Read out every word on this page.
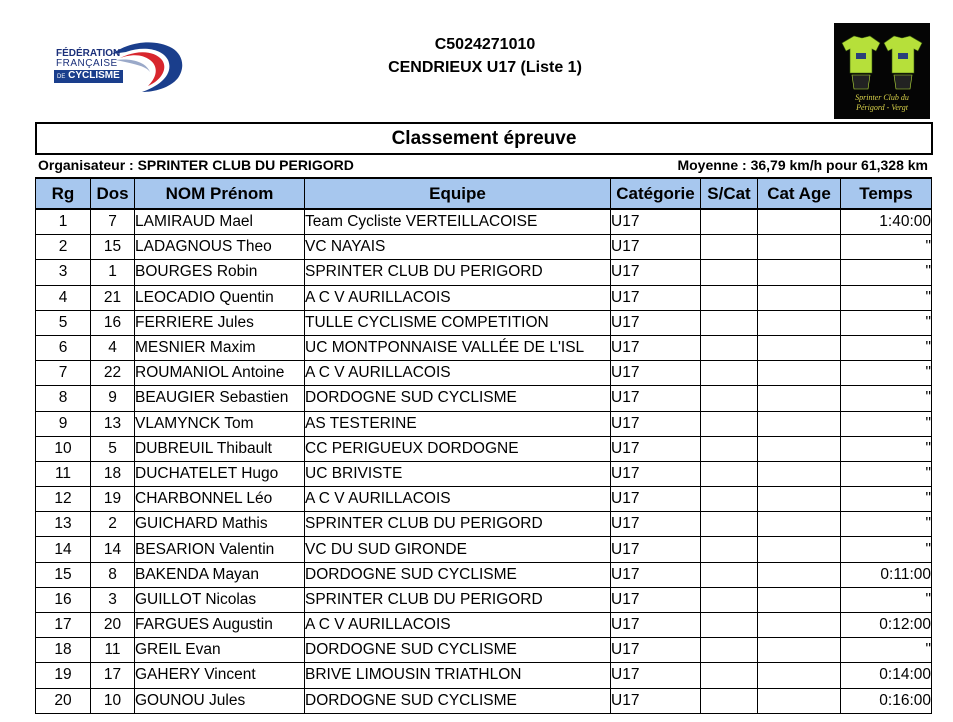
FÉDÉRATION
FRANÇAISE
DE CYCLISME
C5024271010
CENDRIEUX U17 (Liste 1)
Sprinter Club du
Périgord - Vergt
Classement épreuve
Organisateur : SPRINTER CLUB DU PERIGORD	Moyenne : 36,79 km/h pour 61,328 km
Rg	Dos	NOM Prénom	Equipe	Catégorie	S/Cat	Cat Age	Temps
1	7	LAMIRAUD Mael	Team Cycliste VERTEILLACOISE	U17			1:40:00
2	15	LADAGNOUS Theo	VC NAYAIS	U17			"
3	1	BOURGES Robin	SPRINTER CLUB DU PERIGORD	U17			"
4	21	LEOCADIO Quentin	A C V AURILLACOIS	U17			"
5	16	FERRIERE Jules	TULLE CYCLISME COMPETITION	U17			"
6	4	MESNIER Maxim	UC MONTPONNAISE VALLÉE DE L'ISL	U17			"
7	22	ROUMANIOL Antoine	A C V AURILLACOIS	U17			"
8	9	BEAUGIER Sebastien	DORDOGNE SUD CYCLISME	U17			"
9	13	VLAMYNCK Tom	AS TESTERINE	U17			"
10	5	DUBREUIL Thibault	CC PERIGUEUX DORDOGNE	U17			"
11	18	DUCHATELET Hugo	UC BRIVISTE	U17			"
12	19	CHARBONNEL Léo	A C V AURILLACOIS	U17			"
13	2	GUICHARD Mathis	SPRINTER CLUB DU PERIGORD	U17			"
14	14	BESARION Valentin	VC DU SUD GIRONDE	U17			"
15	8	BAKENDA Mayan	DORDOGNE SUD CYCLISME	U17			0:11:00
16	3	GUILLOT Nicolas	SPRINTER CLUB DU PERIGORD	U17			"
17	20	FARGUES Augustin	A C V AURILLACOIS	U17			0:12:00
18	11	GREIL Evan	DORDOGNE SUD CYCLISME	U17			"
19	17	GAHERY Vincent	BRIVE LIMOUSIN TRIATHLON	U17			0:14:00
20	10	GOUNOU Jules	DORDOGNE SUD CYCLISME	U17			0:16:00
